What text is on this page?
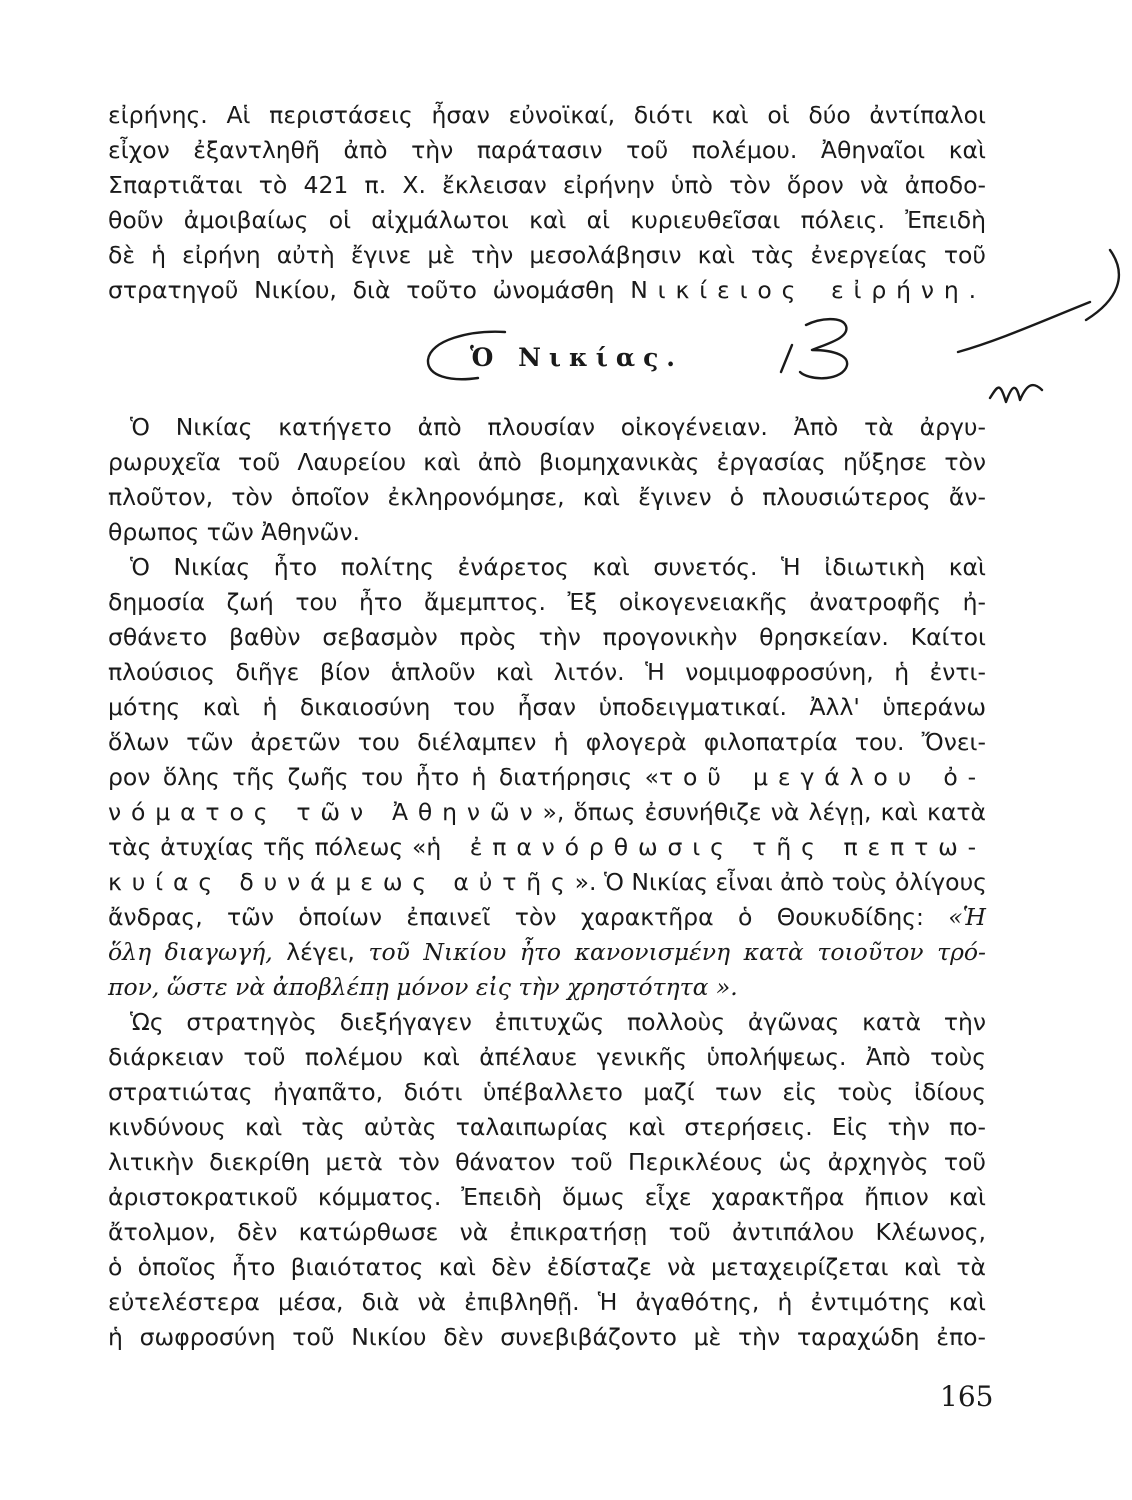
εἰρήνης. Αἱ περιστάσεις ἦσαν εὐνοϊκαί, διότι καὶ οἱ δύο ἀντίπαλοι
εἶχον ἐξαντληθῆ ἀπὸ τὴν παράτασιν τοῦ πολέμου. Ἀθηναῖοι καὶ
Σπαρτιᾶται τὸ 421 π. Χ. ἔκλεισαν εἰρήνην ὑπὸ τὸν ὅρον νὰ ἀποδο-
θοῦν ἀμοιβαίως οἱ αἰχμάλωτοι καὶ αἱ κυριευθεῖσαι πόλεις. Ἐπειδὴ
δὲ ἡ εἰρήνη αὐτὴ ἔγινε μὲ τὴν μεσολάβησιν καὶ τὰς ἐνεργείας τοῦ
στρατηγοῦ Νικίου, διὰ τοῦτο ὠνομάσθη Νικίειος εἰρήνη.
Ὁ Νικίας.
Ὁ Νικίας κατήγετο ἀπὸ πλουσίαν οἰκογένειαν. Ἀπὸ τὰ ἀργυ-
ρωρυχεῖα τοῦ Λαυρείου καὶ ἀπὸ βιομηχανικὰς ἐργασίας ηὔξησε τὸν
πλοῦτον, τὸν ὁποῖον ἐκληρονόμησε, καὶ ἔγινεν ὁ πλουσιώτερος ἄν-
θρωπος τῶν Ἀθηνῶν.
Ὁ Νικίας ἦτο πολίτης ἐνάρετος καὶ συνετός. Ἡ ἰδιωτικὴ καὶ
δημοσία ζωή του ἦτο ἄμεμπτος. Ἐξ οἰκογενειακῆς ἀνατροφῆς ἠ-
σθάνετο βαθὺν σεβασμὸν πρὸς τὴν προγονικὴν θρησκείαν. Καίτοι
πλούσιος διῆγε βίον ἁπλοῦν καὶ λιτόν. Ἡ νομιμοφροσύνη, ἡ ἐντι-
μότης καὶ ἡ δικαιοσύνη του ἦσαν ὑποδειγματικαί. Ἀλλ' ὑπεράνω
ὅλων τῶν ἀρετῶν του διέλαμπεν ἡ φλογερὰ φιλοπατρία του. Ὄνει-
ρον ὅλης τῆς ζωῆς του ἦτο ἡ διατήρησις «τοῦ μεγάλου ὀ-
νόματος τῶν Ἀθηνῶν», ὅπως ἐσυνήθιζε νὰ λέγῃ, καὶ κατὰ
τὰς ἀτυχίας τῆς πόλεως «ἡ ἐπανόρθωσις τῆς πεπτω-
κυίας δυνάμεως αὐτῆς». Ὁ Νικίας εἶναι ἀπὸ τοὺς ὀλίγους
ἄνδρας, τῶν ὁποίων ἐπαινεῖ τὸν χαρακτῆρα ὁ Θουκυδίδης: «Ἡ
ὅλη διαγωγή, λέγει, τοῦ Νικίου ἦτο κανονισμένη κατὰ τοιοῦτον τρό-
πον, ὥστε νὰ ἀποβλέπῃ μόνον εἰς τὴν χρηστότητα ».
Ὡς στρατηγὸς διεξήγαγεν ἐπιτυχῶς πολλοὺς ἀγῶνας κατὰ τὴν
διάρκειαν τοῦ πολέμου καὶ ἀπέλαυε γενικῆς ὑπολήψεως. Ἀπὸ τοὺς
στρατιώτας ἠγαπᾶτο, διότι ὑπέβαλλετο μαζί των εἰς τοὺς ἰδίους
κινδύνους καὶ τὰς αὐτὰς ταλαιπωρίας καὶ στερήσεις. Εἰς τὴν πο-
λιτικὴν διεκρίθη μετὰ τὸν θάνατον τοῦ Περικλέους ὡς ἀρχηγὸς τοῦ
ἀριστοκρατικοῦ κόμματος. Ἐπειδὴ ὅμως εἶχε χαρακτῆρα ἤπιον καὶ
ἄτολμον, δὲν κατώρθωσε νὰ ἐπικρατήσῃ τοῦ ἀντιπάλου Κλέωνος,
ὁ ὁποῖος ἦτο βιαιότατος καὶ δὲν ἐδίσταζε νὰ μεταχειρίζεται καὶ τὰ
εὐτελέστερα μέσα, διὰ νὰ ἐπιβληθῇ. Ἡ ἀγαθότης, ἡ ἐντιμότης καὶ
ἡ σωφροσύνη τοῦ Νικίου δὲν συνεβιβάζοντο μὲ τὴν ταραχώδη ἐπο-
165
